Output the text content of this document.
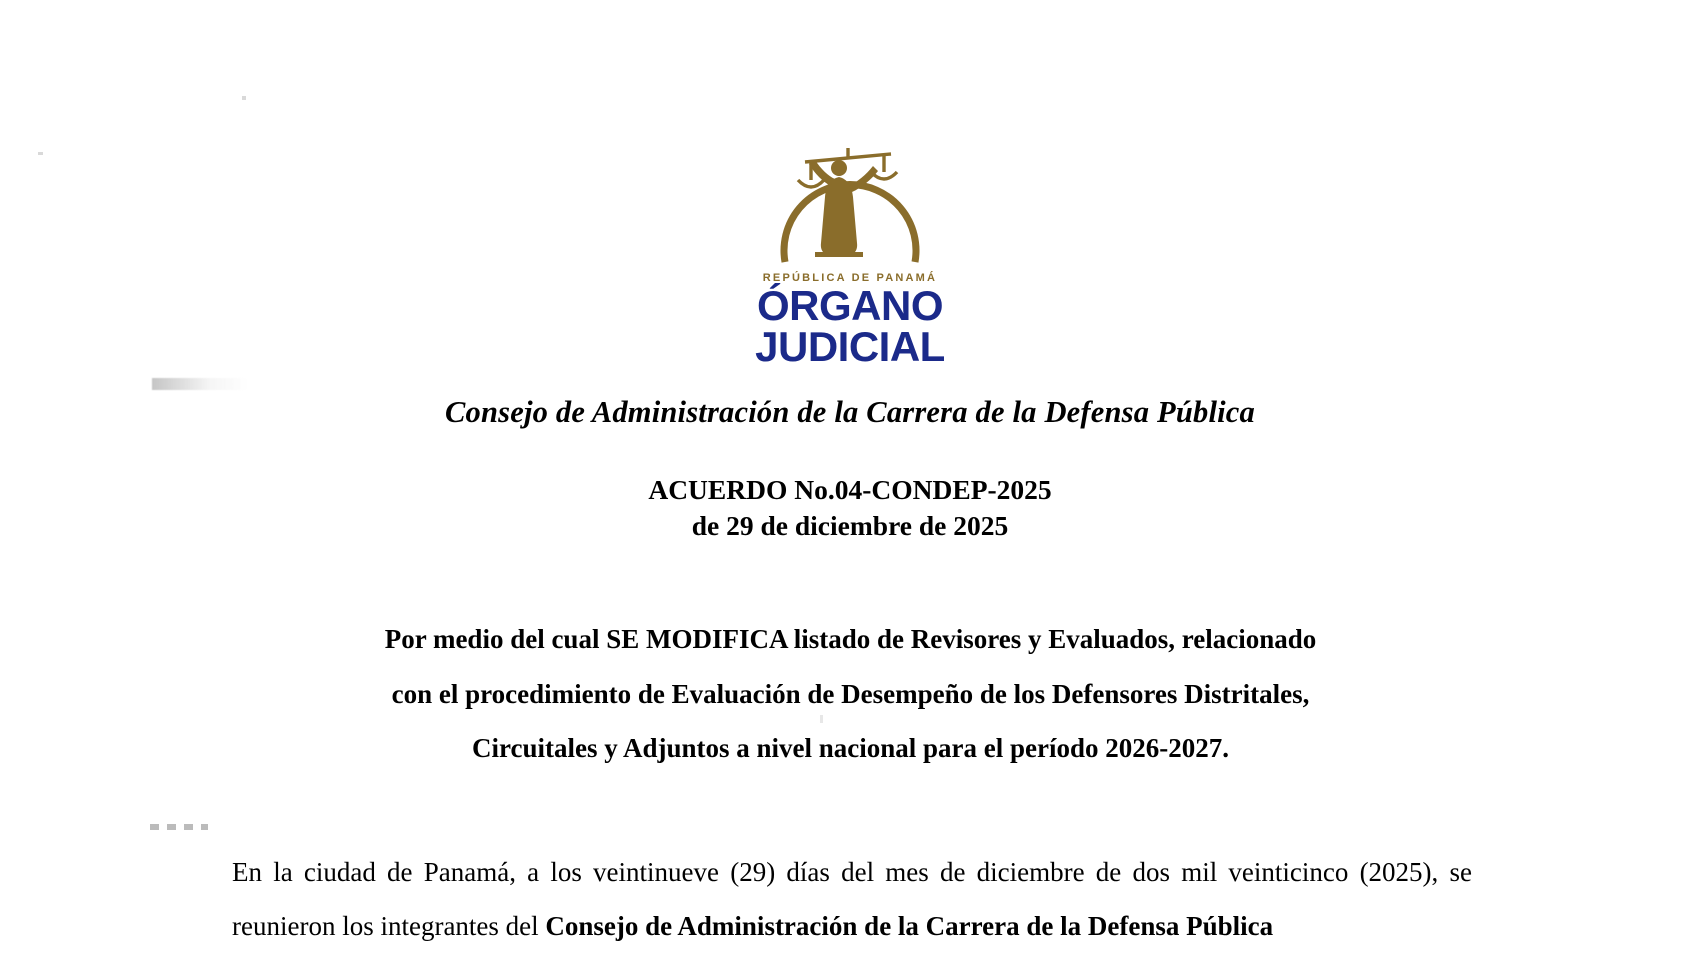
REPÚBLICA DE PANAMÁ
ÓRGANO
JUDICIAL
Consejo de Administración de la Carrera de la Defensa Pública
ACUERDO No.04-CONDEP-2025
de 29 de diciembre de 2025
Por medio del cual SE MODIFICA listado de Revisores y Evaluados, relacionado
con el procedimiento de Evaluación de Desempeño de los Defensores Distritales,
Circuitales y Adjuntos a nivel nacional para el período 2026-2027.

En la ciudad de Panamá, a los veintinueve (29) días del mes de diciembre de dos mil veinticinco (2025), se reunieron los integrantes del Consejo de Administración de la Carrera de la Defensa Pública
